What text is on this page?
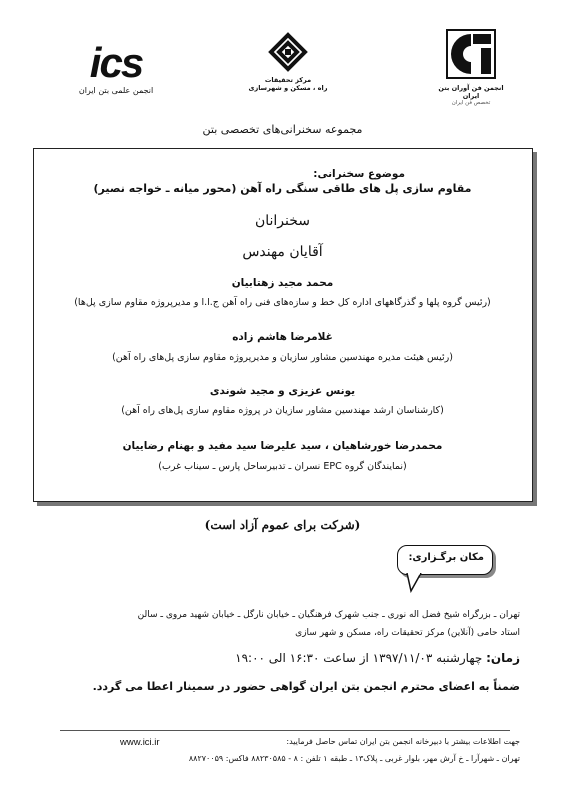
ics
انجمن علمی بتن ایران
مرکز تحقیقات
راه ، مسکن و شهرسازی	انجمن فن آوران بتن ایران
تخصص فن ایران
مجموعه سخنرانی‌های تخصصی بتن
موضوع سخنرانی:
مقاوم سازی پل های طاقی سنگی راه آهن (محور میانه ـ خواجه نصیر)
سخنرانان
آقایان مهندس
محمد مجید زهتابیان
(رئیس گروه پلها و گذرگاههای اداره کل خط و سازه‌های فنی راه آهن ج.ا.ا و مدیرپروژه مقاوم سازی پل‌ها)
غلامرضا هاشم زاده
(رئیس هیئت مدیره مهندسین مشاور سازیان و مدیرپروژه مقاوم سازی پل‌های راه آهن)
یونس عزیزی و مجید شوندی
(کارشناسان ارشد مهندسین مشاور سازیان در پروژه مقاوم سازی پل‌های راه آهن)
محمدرضا خورشاهیان ، سید علیرضا سید مفید و بهنام رضاییان
(نمایندگان گروه EPC نسران ـ تدبیرساحل پارس ـ سیناب غرب)
(شرکت برای عموم آزاد است)
مکان برگـزاری:
تهران ـ بزرگراه شیخ فضل اله نوری ـ جنب شهرک فرهنگیان ـ خیابان نارگل ـ خیابان شهید مروی ـ سالن
استاد حامی (آنلاین) مرکز تحقیقات راه، مسکن و شهر سازی
زمان: چهارشنبه ۱۳۹۷/۱۱/۰۳ از ساعت ۱۶:۳۰ الی ۱۹:۰۰
ضمناً به اعضای محترم انجمن بتن ایران گواهی حضور در سمینار اعطا می گردد.
جهت اطلاعات بیشتر با دبیرخانه انجمن بتن ایران تماس حاصل فرمایید:
www.ici.ir
تهران ـ شهرآرا ـ خ آرش مهر، بلوار غربی ـ پلاک۱۳ ـ طبقه ۱ تلفن : ۸ - ۸۸۲۳۰۵۸۵ فاکس: ۸۸۲۷۰۰۵۹
